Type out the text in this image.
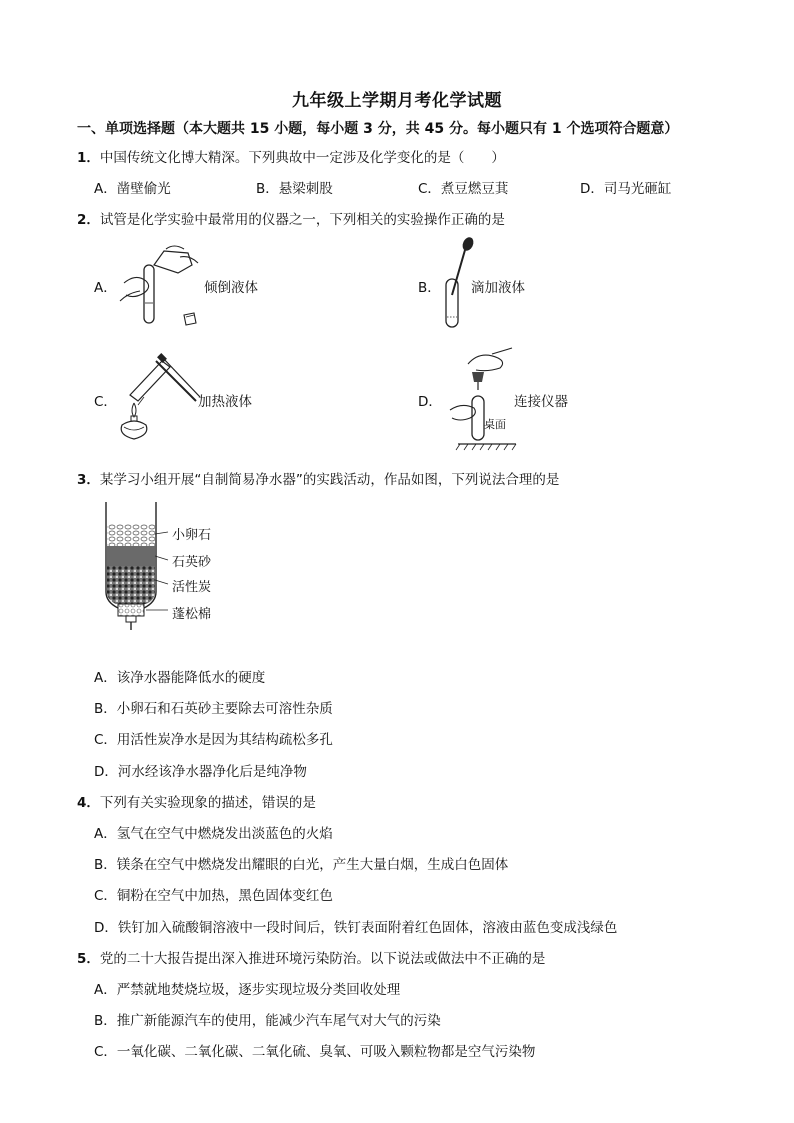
九年级上学期月考化学试题
一、单项选择题（本大题共 15 小题，每小题 3 分，共 45 分。每小题只有 1 个选项符合题意）
1．中国传统文化博大精深。下列典故中一定涉及化学变化的是（　　）
A．凿壁偷光	B．悬梁刺股	C．煮豆燃豆萁	D．司马光砸缸
2．试管是化学实验中最常用的仪器之一，下列相关的实验操作正确的是
A．	倾倒液体	B． 滴加液体
C．	加热液体	D．
桌面
连接仪器
3．某学习小组开展“自制简易净水器”的实践活动，作品如图，下列说法合理的是
小卵石
石英砂
活性炭
蓬松棉
A．该净水器能降低水的硬度
B．小卵石和石英砂主要除去可溶性杂质
C．用活性炭净水是因为其结构疏松多孔
D．河水经该净水器净化后是纯净物
4．下列有关实验现象的描述，错误的是
A．氢气在空气中燃烧发出淡蓝色的火焰
B．镁条在空气中燃烧发出耀眼的白光，产生大量白烟，生成白色固体
C．铜粉在空气中加热，黑色固体变红色
D．铁钉加入硫酸铜溶液中一段时间后，铁钉表面附着红色固体，溶液由蓝色变成浅绿色
5．党的二十大报告提出深入推进环境污染防治。以下说法或做法中不正确的是
A．严禁就地焚烧垃圾，逐步实现垃圾分类回收处理
B．推广新能源汽车的使用，能减少汽车尾气对大气的污染
C．一氧化碳、二氧化碳、二氧化硫、臭氧、可吸入颗粒物都是空气污染物
